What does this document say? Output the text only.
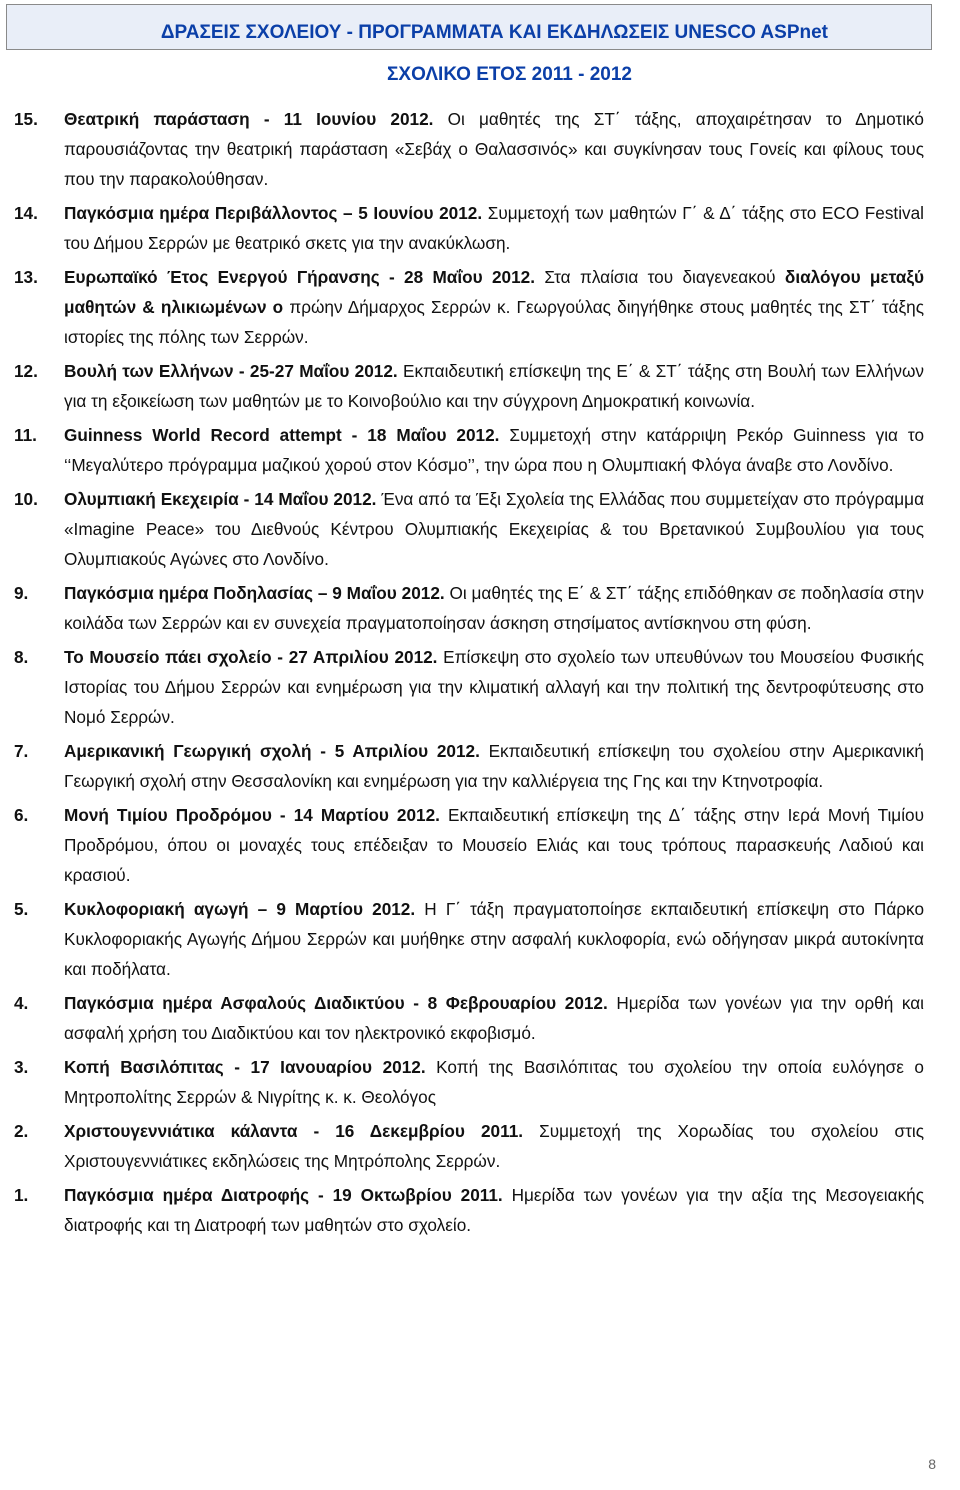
ΔΡΑΣΕΙΣ ΣΧΟΛΕΙΟΥ - ΠΡΟΓΡΑΜΜΑΤΑ ΚΑΙ ΕΚΔΗΛΩΣΕΙΣ UNESCO ASPnet
ΣΧΟΛΙΚΟ ΕΤΟΣ 2011 - 2012
15. Θεατρική παράσταση - 11 Ιουνίου 2012. Οι μαθητές της ΣΤ΄ τάξης, αποχαιρέτησαν το Δημοτικό παρουσιάζοντας την θεατρική παράσταση «Σεβάχ ο Θαλασσινός» και συγκίνησαν τους Γονείς και φίλους τους που την παρακολούθησαν.
14. Παγκόσμια ημέρα Περιβάλλοντος – 5 Ιουνίου 2012. Συμμετοχή των μαθητών Γ΄ & Δ΄ τάξης στο ECO Festival του Δήμου Σερρών με θεατρικό σκετς για την ανακύκλωση.
13. Ευρωπαϊκό Έτος Ενεργού Γήρανσης - 28 Μαΐου 2012. Στα πλαίσια του διαγενεακού διαλόγου μεταξύ μαθητών & ηλικιωμένων ο πρώην Δήμαρχος Σερρών κ. Γεωργούλας διηγήθηκε στους μαθητές της ΣΤ΄ τάξης ιστορίες της πόλης των Σερρών.
12. Βουλή των Ελλήνων - 25-27 Μαΐου 2012. Εκπαιδευτική επίσκεψη της Ε΄ & ΣΤ΄ τάξης στη Βουλή των Ελλήνων για τη εξοικείωση των μαθητών με το Κοινοβούλιο και την σύγχρονη Δημοκρατική κοινωνία.
11. Guinness World Record attempt - 18 Μαΐου 2012. Συμμετοχή στην κατάρριψη Ρεκόρ Guinness για το ‘‘Μεγαλύτερο πρόγραμμα μαζικού χορού στον Κόσμο’’, την ώρα που η Ολυμπιακή Φλόγα άναβε στο Λονδίνο.
10. Ολυμπιακή Εκεχειρία - 14 Μαΐου 2012. Ένα από τα Έξι Σχολεία της Ελλάδας που συμμετείχαν στο πρόγραμμα «Imagine Peace» του Διεθνούς Κέντρου Ολυμπιακής Εκεχειρίας & του Βρετανικού Συμβουλίου για τους Ολυμπιακούς Αγώνες στο Λονδίνο.
9. Παγκόσμια ημέρα Ποδηλασίας – 9 Μαΐου 2012. Οι μαθητές της Ε΄ & ΣΤ΄ τάξης επιδόθηκαν σε ποδηλασία στην κοιλάδα των Σερρών και εν συνεχεία πραγματοποίησαν άσκηση στησίματος αντίσκηνου στη φύση.
8. Το Μουσείο πάει σχολείο - 27 Απριλίου 2012. Επίσκεψη στο σχολείο των υπευθύνων του Μουσείου Φυσικής Ιστορίας του Δήμου Σερρών και ενημέρωση για την κλιματική αλλαγή και την πολιτική της δεντροφύτευσης στο Νομό Σερρών.
7. Αμερικανική Γεωργική σχολή - 5 Απριλίου 2012. Εκπαιδευτική επίσκεψη του σχολείου στην Αμερικανική Γεωργική σχολή στην Θεσσαλονίκη και ενημέρωση για την καλλιέργεια της Γης και την Κτηνοτροφία.
6. Μονή Τιμίου Προδρόμου - 14 Μαρτίου 2012. Εκπαιδευτική επίσκεψη της Δ΄ τάξης στην Ιερά Μονή Τιμίου Προδρόμου, όπου οι μοναχές τους επέδειξαν το Μουσείο Ελιάς και τους τρόπους παρασκευής Λαδιού και κρασιού.
5. Κυκλοφοριακή αγωγή – 9 Μαρτίου 2012. Η Γ΄ τάξη πραγματοποίησε εκπαιδευτική επίσκεψη στο Πάρκο Κυκλοφοριακής Αγωγής Δήμου Σερρών και μυήθηκε στην ασφαλή κυκλοφορία, ενώ οδήγησαν μικρά αυτοκίνητα και ποδήλατα.
4. Παγκόσμια ημέρα Ασφαλούς Διαδικτύου - 8 Φεβρουαρίου 2012. Ημερίδα των γονέων για την ορθή και ασφαλή χρήση του Διαδικτύου και τον ηλεκτρονικό εκφοβισμό.
3. Κοπή Βασιλόπιτας - 17 Ιανουαρίου 2012. Κοπή της Βασιλόπιτας του σχολείου την οποία ευλόγησε ο Μητροπολίτης Σερρών & Νιγρίτης κ. κ. Θεολόγος
2. Χριστουγεννιάτικα κάλαντα - 16 Δεκεμβρίου 2011. Συμμετοχή της Χορωδίας του σχολείου στις Χριστουγεννιάτικες εκδηλώσεις της Μητρόπολης Σερρών.
1. Παγκόσμια ημέρα Διατροφής - 19 Οκτωβρίου 2011. Ημερίδα των γονέων για την αξία της Μεσογειακής διατροφής και τη Διατροφή των μαθητών στο σχολείο.
8
